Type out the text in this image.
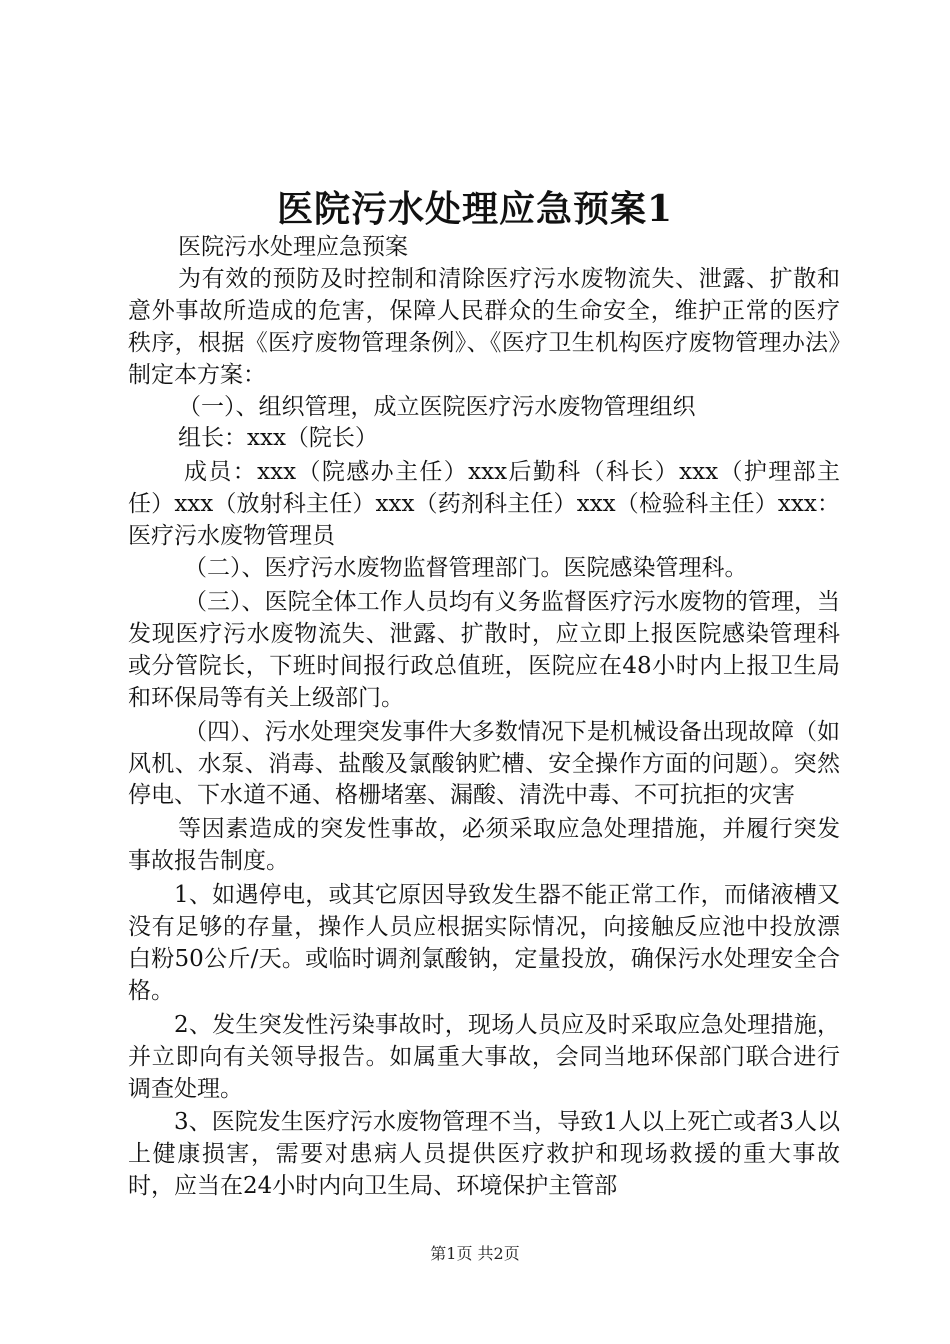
医院污水处理应急预案1

医院污水处理应急预案

为有效的预防及时控制和清除医疗污水废物流失、泄露、扩散和意外事故所造成的危害，保障人民群众的生命安全，维护正常的医疗秩序，根据《医疗废物管理条例》、《医疗卫生机构医疗废物管理办法》制定本方案：

（一）、组织管理，成立医院医疗污水废物管理组织

组长：xxx（院长）

成员：xxx（院感办主任）xxx后勤科（科长）xxx（护理部主任）xxx（放射科主任）xxx（药剂科主任）xxx（检验科主任）xxx：医疗污水废物管理员

（二）、医疗污水废物监督管理部门。医院感染管理科。

（三）、医院全体工作人员均有义务监督医疗污水废物的管理，当发现医疗污水废物流失、泄露、扩散时，应立即上报医院感染管理科或分管院长，下班时间报行政总值班，医院应在48小时内上报卫生局和环保局等有关上级部门。

（四）、污水处理突发事件大多数情况下是机械设备出现故障（如风机、水泵、消毒、盐酸及氯酸钠贮槽、安全操作方面的问题）。突然停电、下水道不通、格栅堵塞、漏酸、清洗中毒、不可抗拒的灾害

等因素造成的突发性事故，必须采取应急处理措施，并履行突发事故报告制度。

1、如遇停电，或其它原因导致发生器不能正常工作，而储液槽又没有足够的存量，操作人员应根据实际情况，向接触反应池中投放漂白粉50公斤/天。或临时调剂氯酸钠，定量投放，确保污水处理安全合格。

2、发生突发性污染事故时，现场人员应及时采取应急处理措施，并立即向有关领导报告。如属重大事故，会同当地环保部门联合进行调查处理。

3、医院发生医疗污水废物管理不当，导致1人以上死亡或者3人以上健康损害，需要对患病人员提供医疗救护和现场救援的重大事故时，应当在24小时内向卫生局、环境保护主管部

第1页 共2页
